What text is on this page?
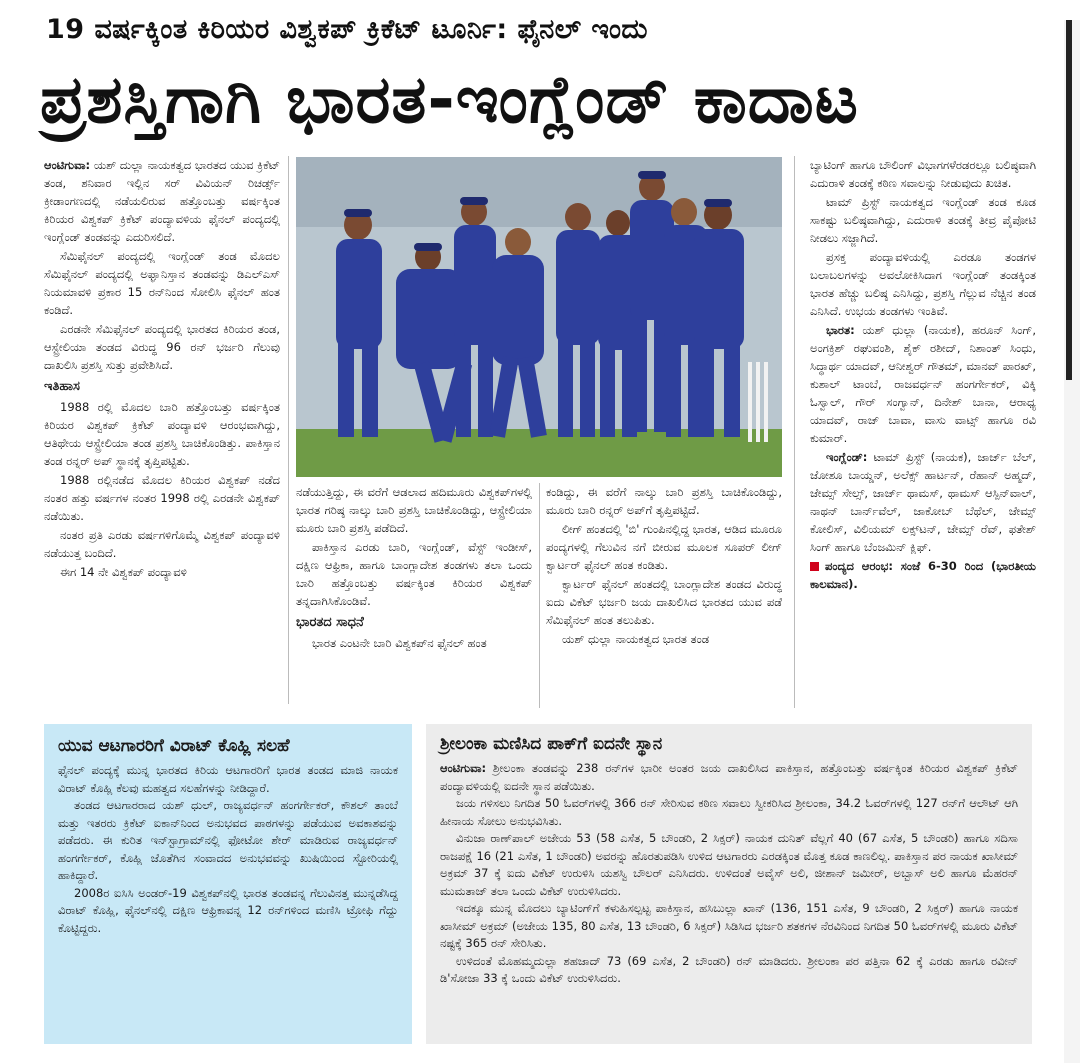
19 ವರ್ಷಕ್ಕಿಂತ ಕಿರಿಯರ ವಿಶ್ವಕಪ್ ಕ್ರಿಕೆಟ್ ಟೂರ್ನಿ: ಫೈನಲ್ ಇಂದು
ಪ್ರಶಸ್ತಿಗಾಗಿ ಭಾರತ-ಇಂಗ್ಲೆಂಡ್ ಕಾದಾಟ

ಆಂಟಿಗುವಾ: ಯಶ್ ದುಲ್ಲಾ ನಾಯಕತ್ವದ ಭಾರತದ ಯುವ ಕ್ರಿಕೆಟ್ ತಂಡ, ಶನಿವಾರ ಇಲ್ಲಿನ ಸರ್ ವಿವಿಯನ್ ರಿಚರ್ಡ್ಸ್ ಕ್ರೀಡಾಂಗಣದಲ್ಲಿ ನಡೆಯಲಿರುವ ಹತ್ತೊಂಬತ್ತು ವರ್ಷಕ್ಕಿಂತ ಕಿರಿಯರ ವಿಶ್ವಕಪ್ ಕ್ರಿಕೆಟ್ ಪಂದ್ಯಾವಳಿಯ ಫೈನಲ್ ಪಂದ್ಯದಲ್ಲಿ ಇಂಗ್ಲೆಂಡ್ ತಂಡವನ್ನು ಎದುರಿಸಲಿದೆ.

ಸೆಮಿಫೈನಲ್ ಪಂದ್ಯದಲ್ಲಿ ಇಂಗ್ಲೆಂಡ್ ತಂಡ ಮೊದಲ ಸೆಮಿಫೈನಲ್ ಪಂದ್ಯದಲ್ಲಿ ಅಫ್ಘಾನಿಸ್ತಾನ ತಂಡವನ್ನು ಡಿಎಲ್‌ಎಸ್ ನಿಯಮಾವಳಿ ಪ್ರಕಾರ 15 ರನ್‌ನಿಂದ ಸೋಲಿಸಿ ಫೈನಲ್ ಹಂತ ಕಂಡಿದೆ.

ಎರಡನೇ ಸೆಮಿಫೈನಲ್ ಪಂದ್ಯದಲ್ಲಿ ಭಾರತದ ಕಿರಿಯರ ತಂಡ, ಆಸ್ಟ್ರೇಲಿಯಾ ತಂಡದ ವಿರುದ್ಧ 96 ರನ್ ಭರ್ಜರಿ ಗೆಲುವು ದಾಖಲಿಸಿ ಪ್ರಶಸ್ತಿ ಸುತ್ತು ಪ್ರವೇಶಿಸಿದೆ.

ಇತಿಹಾಸ

1988 ರಲ್ಲಿ ಮೊದಲ ಬಾರಿ ಹತ್ತೊಂಬತ್ತು ವರ್ಷಕ್ಕಿಂತ ಕಿರಿಯರ ವಿಶ್ವಕಪ್ ಕ್ರಿಕೆಟ್ ಪಂದ್ಯಾವಳಿ ಆರಂಭವಾಗಿದ್ದು, ಆತಿಥೇಯ ಆಸ್ಟ್ರೇಲಿಯಾ ತಂಡ ಪ್ರಶಸ್ತಿ ಬಾಚಿಕೊಂಡಿತ್ತು. ಪಾಕಿಸ್ತಾನ ತಂಡ ರನ್ನರ್ ಅಪ್ ಸ್ಥಾನಕ್ಕೆ ತೃಪ್ತಿಪಟ್ಟಿತು.

1988 ರಲ್ಲಿನಡೆದ ಮೊದಲ ಕಿರಿಯರ ವಿಶ್ವಕಪ್ ನಡೆದ ನಂತರ ಹತ್ತು ವರ್ಷಗಳ ನಂತರ 1998 ರಲ್ಲಿ ಎರಡನೇ ವಿಶ್ವಕಪ್ ನಡೆಯಿತು.

ನಂತರ ಪ್ರತಿ ಎರಡು ವರ್ಷಗಳಿಗೊಮ್ಮೆ ವಿಶ್ವಕಪ್ ಪಂದ್ಯಾವಳಿ ನಡೆಯುತ್ತ ಬಂದಿದೆ.

ಈಗ 14 ನೇ ವಿಶ್ವಕಪ್ ಪಂದ್ಯಾವಳಿ

ನಡೆಯುತ್ತಿದ್ದು, ಈ ವರೆಗೆ ಆಡಲಾದ ಹದಿಮೂರು ವಿಶ್ವಕಪ್‌ಗಳಲ್ಲಿ ಭಾರತ ಗರಿಷ್ಠ ನಾಲ್ಕು ಬಾರಿ ಪ್ರಶಸ್ತಿ ಬಾಚಿಕೊಂಡಿದ್ದು, ಆಸ್ಟ್ರೇಲಿಯಾ ಮೂರು ಬಾರಿ ಪ್ರಶಸ್ತಿ ಪಡೆದಿದೆ.

ಪಾಕಿಸ್ತಾನ ಎರಡು ಬಾರಿ, ಇಂಗ್ಲೆಂಡ್, ವೆಸ್ಟ್ ಇಂಡೀಸ್, ದಕ್ಷಿಣ ಆಫ್ರಿಕಾ, ಹಾಗೂ ಬಾಂಗ್ಲಾದೇಶ ತಂಡಗಳು ತಲಾ ಒಂದು ಬಾರಿ ಹತ್ತೊಂಬತ್ತು ವರ್ಷಕ್ಕಿಂತ ಕಿರಿಯರ ವಿಶ್ವಕಪ್ ತನ್ನದಾಗಿಸಿಕೊಂಡಿವೆ.

ಭಾರತದ ಸಾಧನೆ

ಭಾರತ ಎಂಟನೇ ಬಾರಿ ವಿಶ್ವಕಪ್‌ನ ಫೈನಲ್ ಹಂತ

ಕಂಡಿದ್ದು, ಈ ವರೆಗೆ ನಾಲ್ಕು ಬಾರಿ ಪ್ರಶಸ್ತಿ ಬಾಚಿಕೊಂಡಿದ್ದು, ಮೂರು ಬಾರಿ ರನ್ನರ್ ಅಪ್‌ಗೆ ತೃಪ್ತಿಪಟ್ಟಿದೆ.

ಲೀಗ್ ಹಂತದಲ್ಲಿ 'ಬಿ' ಗುಂಪಿನಲ್ಲಿದ್ದ ಭಾರತ, ಆಡಿದ ಮೂರೂ ಪಂದ್ಯಗಳಲ್ಲಿ ಗೆಲುವಿನ ನಗೆ ಬೀರುವ ಮೂಲಕ ಸೂಪರ್ ಲೀಗ್ ಕ್ವಾರ್ಟರ್ ಫೈನಲ್ ಹಂತ ಕಂಡಿತು.

ಕ್ವಾರ್ಟರ್ ಫೈನಲ್ ಹಂತದಲ್ಲಿ ಬಾಂಗ್ಲಾದೇಶ ತಂಡದ ವಿರುದ್ಧ ಐದು ವಿಕೆಟ್ ಭರ್ಜರಿ ಜಯ ದಾಖಲಿಸಿದ ಭಾರತದ ಯುವ ಪಡೆ ಸೆಮಿಫೈನಲ್ ಹಂತ ತಲುಪಿತು.

ಯಶ್ ಧುಲ್ಲಾ ನಾಯಕತ್ವದ ಭಾರತ ತಂಡ

ಬ್ಯಾಟಿಂಗ್ ಹಾಗೂ ಬೌಲಿಂಗ್ ವಿಭಾಗಗಳೆರಡರಲ್ಲೂ ಬಲಿಷ್ಠವಾಗಿ ಎದುರಾಳಿ ತಂಡಕ್ಕೆ ಕಠಿಣ ಸವಾಲನ್ನು ನೀಡುವುದು ಖಚಿತ.

ಟಾಮ್ ಪ್ರಿಸ್ಟ್ ನಾಯಕತ್ವದ ಇಂಗ್ಲೆಂಡ್ ತಂಡ ಕೂಡ ಸಾಕಷ್ಟು ಬಲಿಷ್ಠವಾಗಿದ್ದು, ಎದುರಾಳಿ ತಂಡಕ್ಕೆ ತೀವ್ರ ಪೈಪೋಟಿ ನೀಡಲು ಸಜ್ಜಾಗಿದೆ.

ಪ್ರಸಕ್ತ ಪಂದ್ಯಾವಳಿಯಲ್ಲಿ ಎರಡೂ ತಂಡಗಳ ಬಲಾಬಲಗಳನ್ನು ಅವಲೋಕಿಸಿದಾಗ ಇಂಗ್ಲೆಂಡ್ ತಂಡಕ್ಕಿಂತ ಭಾರತ ಹೆಚ್ಚು ಬಲಿಷ್ಠ ಎನಿಸಿದ್ದು, ಪ್ರಶಸ್ತಿ ಗೆಲ್ಲುವ ನೆಚ್ಚಿನ ತಂಡ ಎನಿಸಿದೆ. ಉಭಯ ತಂಡಗಳು ಇಂತಿವೆ.

ಭಾರತ: ಯಶ್ ಧುಲ್ಲಾ (ನಾಯಕ), ಹರೂನ್ ಸಿಂಗ್, ಅಂಗಕ್ರಿಶ್ ರಘುವಂಶಿ, ಶೈಕ್ ರಶೀದ್, ನಿಶಾಂತ್ ಸಿಂಧು, ಸಿದ್ಧಾರ್ಥ ಯಾದವ್, ಆನೀಶ್ವರ್ ಗೌತಮ್, ಮಾನವ್ ಪಾರಖ್, ಕುಶಾಲ್ ಟಾಂಬೆ, ರಾಜವರ್ಧನ್ ಹಂಗರ್ಗೇಕರ್, ವಿಕ್ಕಿ ಓಸ್ವಾಲ್, ಗೌರ್ ಸಂಗ್ವಾನ್, ದಿನೇಶ್ ಬಾನಾ, ಆರಾಧ್ಯ ಯಾದವ್, ರಾಜ್ ಬಾವಾ, ವಾಸು ವಾಟ್ಸ್ ಹಾಗೂ ರವಿ ಕುಮಾರ್.

ಇಂಗ್ಲೆಂಡ್: ಟಾಮ್ ಪ್ರಿಸ್ಟ್ (ನಾಯಕ), ಜಾರ್ಜ್ ಬೆಲ್, ಜೋಶೂ ಬಾಯ್ಡನ್, ಅಲೆಕ್ಸ್ ಹಾರ್ಟನ್, ರೆಹಾನ್ ಅಹ್ಮದ್, ಜೇಮ್ಸ್ ಸೇಲ್ಸ್, ಜಾರ್ಜ್ ಥಾಮಸ್, ಥಾಮಸ್ ಆಸ್ಪಿನ್‌ವಾಲ್, ನಾಥನ್ ಬಾರ್ನ್‌ವೆಲ್, ಜಾಕೋಬ್ ಬೆಥೆಲ್, ಜೇಮ್ಸ್ ಕೋಲಿಸ್, ವಿಲಿಯಮ್ ಲಕ್ಸ್‌ಟನ್, ಜೇಮ್ಸ್ ರೆವ್, ಫತೇಶ್ ಸಿಂಗ್ ಹಾಗೂ ಬೆಂಜಮಿನ್ ಕ್ಲಿಫ್.

ಪಂದ್ಯದ ಆರಂಭ: ಸಂಜೆ 6-30 ರಿಂದ (ಭಾರತೀಯ ಕಾಲಮಾನ).

ಯುವ ಆಟಗಾರರಿಗೆ ವಿರಾಟ್ ಕೊಹ್ಲಿ ಸಲಹೆ

ಫೈನಲ್ ಪಂದ್ಯಕ್ಕೆ ಮುನ್ನ ಭಾರತದ ಕಿರಿಯ ಆಟಗಾರರಿಗೆ ಭಾರತ ತಂಡದ ಮಾಜಿ ನಾಯಕ ವಿರಾಟ್ ಕೊಹ್ಲಿ ಕೆಲವು ಮಹತ್ವದ ಸಲಹೆಗಳನ್ನು ನೀಡಿದ್ದಾರೆ.

ತಂಡದ ಆಟಗಾರರಾದ ಯಶ್ ಧುಲ್, ರಾಜ್ಯವರ್ಧನ್ ಹಂಗರ್ಗೇಕರ್, ಕೌಶಲ್ ತಾಂಬೆ ಮತ್ತು ಇತರರು ಕ್ರಿಕೆಟ್ ಐಕಾನ್‌ನಿಂದ ಅನುಭವದ ಪಾಠಗಳನ್ನು ಪಡೆಯುವ ಅವಕಾಶವನ್ನು ಪಡೆದರು. ಈ ಕುರಿತ ಇನ್‌ಸ್ಟಾಗ್ರಾಮ್‌ನಲ್ಲಿ ಫೋಟೋ ಶೇರ್ ಮಾಡಿರುವ ರಾಜ್ಯವರ್ಧನ್ ಹಂಗರ್ಗೇಕರ್, ಕೊಹ್ಲಿ ಜೊತೆಗಿನ ಸಂವಾದದ ಅನುಭವವನ್ನು ಖುಷಿಯಿಂದ ಸ್ಟೋರಿಯಲ್ಲಿ ಹಾಕಿದ್ದಾರೆ.

2008ರ ಐಸಿಸಿ ಅಂಡರ್-19 ವಿಶ್ವಕಪ್‌ನಲ್ಲಿ ಭಾರತ ತಂಡವನ್ನ ಗೆಲುವಿನತ್ತ ಮುನ್ನಡೆಸಿದ್ದ ವಿರಾಟ್ ಕೊಹ್ಲಿ, ಫೈನಲ್‌ನಲ್ಲಿ ದಕ್ಷಿಣ ಆಫ್ರಿಕಾವನ್ನ 12 ರನ್‌ಗಳಿಂದ ಮಣಿಸಿ ಟ್ರೋಫಿ ಗೆದ್ದು ಕೊಟ್ಟಿದ್ದರು.

ಶ್ರೀಲಂಕಾ ಮಣಿಸಿದ ಪಾಕ್‌ಗೆ ಐದನೇ ಸ್ಥಾನ

ಆಂಟಿಗುವಾ: ಶ್ರೀಲಂಕಾ ತಂಡವನ್ನು 238 ರನ್‌ಗಳ ಭಾರೀ ಅಂತರ ಜಯ ದಾಖಲಿಸಿದ ಪಾಕಿಸ್ತಾನ, ಹತ್ತೊಂಬತ್ತು ವರ್ಷಕ್ಕಿಂತ ಕಿರಿಯರ ವಿಶ್ವಕಪ್ ಕ್ರಿಕೆಟ್ ಪಂದ್ಯಾವಳಿಯಲ್ಲಿ ಐದನೇ ಸ್ಥಾನ ಪಡೆಯಿತು.

ಜಯ ಗಳಿಸಲು ನಿಗದಿತ 50 ಓವರ್‌ಗಳಲ್ಲಿ 366 ರನ್ ಸೇರಿಸುವ ಕಠಿಣ ಸವಾಲು ಸ್ವೀಕರಿಸಿದ ಶ್ರೀಲಂಕಾ, 34.2 ಓವರ್‌ಗಳಲ್ಲಿ 127 ರನ್‌ಗೆ ಆಲೌಟ್ ಆಗಿ ಹೀನಾಯ ಸೋಲು ಅನುಭವಿಸಿತು.

ವಿನುಜಾ ರಾಣ್‌ಪಾಲ್ ಅಜೇಯ 53 (58 ಎಸೆತ, 5 ಬೌಂಡರಿ, 2 ಸಿಕ್ಸರ್) ನಾಯಕ ದುನಿತ್ ವೆಲ್ಲಗೆ 40 (67 ಎಸೆತ, 5 ಬೌಂಡರಿ) ಹಾಗೂ ಸದಿಸಾ ರಾಜಪಕ್ಷೆ 16 (21 ಎಸೆತ, 1 ಬೌಂಡರಿ) ಅವರನ್ನು ಹೊರತುಪಡಿಸಿ ಉಳಿದ ಆಟಗಾರರು ಎರಡಕ್ಕಿಂತ ಮೊತ್ತ ಕೂಡ ಕಾಣಲಿಲ್ಲ. ಪಾಕಿಸ್ತಾನ ಪರ ನಾಯಕ ಖಾಸೀಮ್ ಅಕ್ರಮ್ 37 ಕ್ಕೆ ಐದು ವಿಕೆಟ್ ಉರುಳಿಸಿ ಯಶಸ್ವಿ ಬೌಲರ್ ಎನಿಸಿದರು. ಉಳಿದಂತೆ ಅವೈಸ್ ಅಲಿ, ಜೀಶಾನ್ ಜಮೀರ್, ಅಬ್ಬಾಸ್ ಅಲಿ ಹಾಗೂ ಮೆಹರನ್ ಮುಮತಾಜ್ ತಲಾ ಒಂದು ವಿಕೆಟ್ ಉರುಳಿಸಿದರು.

ಇದಕ್ಕೂ ಮುನ್ನ ಮೊದಲು ಬ್ಯಾಟಿಂಗ್‌ಗೆ ಕಳುಹಿಸಲ್ಪಟ್ಟ ಪಾಕಿಸ್ತಾನ, ಹಸಿಬುಲ್ಲಾ ಖಾನ್ (136, 151 ಎಸೆತ, 9 ಬೌಂಡರಿ, 2 ಸಿಕ್ಸರ್) ಹಾಗೂ ನಾಯಕ ಖಾಸೀಮ್ ಅಕ್ರಮ್ (ಅಜೇಯ 135, 80 ಎಸೆತ, 13 ಬೌಂಡರಿ, 6 ಸಿಕ್ಸರ್) ಸಿಡಿಸಿದ ಭರ್ಜರಿ ಶತಕಗಳ ನೆರವಿನಿಂದ ನಿಗದಿತ 50 ಓವರ್‌ಗಳಲ್ಲಿ ಮೂರು ವಿಕೆಟ್ ನಷ್ಟಕ್ಕೆ 365 ರನ್ ಸೇರಿಸಿತು.

ಉಳಿದಂತೆ ಮೊಹಮ್ಮದುಲ್ಲಾ ಶಹಜಾದ್ 73 (69 ಎಸೆತ, 2 ಬೌಂಡರಿ) ರನ್ ಮಾಡಿದರು. ಶ್ರೀಲಂಕಾ ಪರ ಪತ್ತಿನಾ 62 ಕ್ಕೆ ಎರಡು ಹಾಗೂ ರವೀನ್ ಡಿ'ಸೋಜಾ 33 ಕ್ಕೆ ಒಂದು ವಿಕೆಟ್ ಉರುಳಿಸಿದರು.
